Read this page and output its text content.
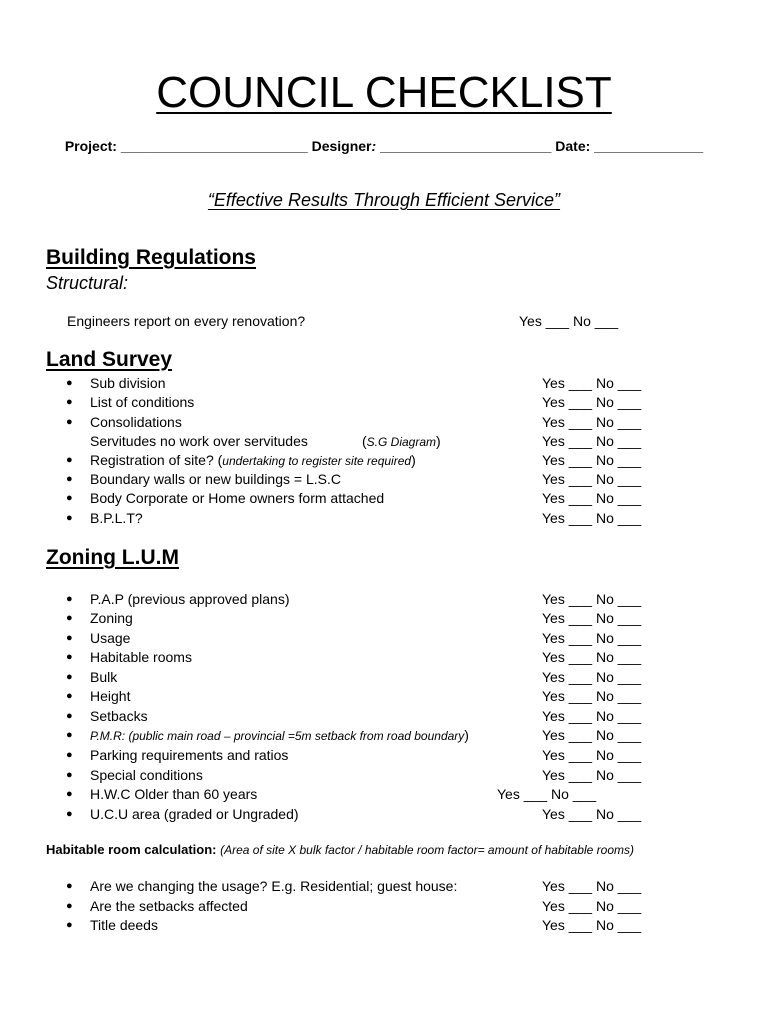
COUNCIL CHECKLIST
Project: ________________________ Designer: ______________________ Date: ______________
“Effective Results Through Efficient Service”
Building Regulations
Structural:
Engineers report on every renovation?	Yes ___ No ___
Land Survey
● Sub division	Yes ___ No ___
● List of conditions	Yes ___ No ___
● Consolidations	Yes ___ No ___
Servitudes no work over servitudes	(S.G Diagram)	Yes ___ No ___
● Registration of site? (undertaking to register site required)	Yes ___ No ___
● Boundary walls or new buildings = L.S.C	Yes ___ No ___
● Body Corporate or Home owners form attached	Yes ___ No ___
● B.P.L.T?	Yes ___ No ___
Zoning L.U.M
● P.A.P (previous approved plans)	Yes ___ No ___
● Zoning	Yes ___ No ___
● Usage	Yes ___ No ___
● Habitable rooms	Yes ___ No ___
● Bulk	Yes ___ No ___
● Height	Yes ___ No ___
● Setbacks	Yes ___ No ___
● P.M.R: (public main road – provincial =5m setback from road boundary)	Yes ___ No ___
● Parking requirements and ratios	Yes ___ No ___
● Special conditions	Yes ___ No ___
● H.W.C Older than 60 years	Yes ___ No ___
● U.C.U area (graded or Ungraded)	Yes ___ No ___
Habitable room calculation: (Area of site X bulk factor / habitable room factor= amount of habitable rooms)
● Are we changing the usage? E.g. Residential; guest house:	Yes ___ No ___
● Are the setbacks affected	Yes ___ No ___
● Title deeds	Yes ___ No ___
